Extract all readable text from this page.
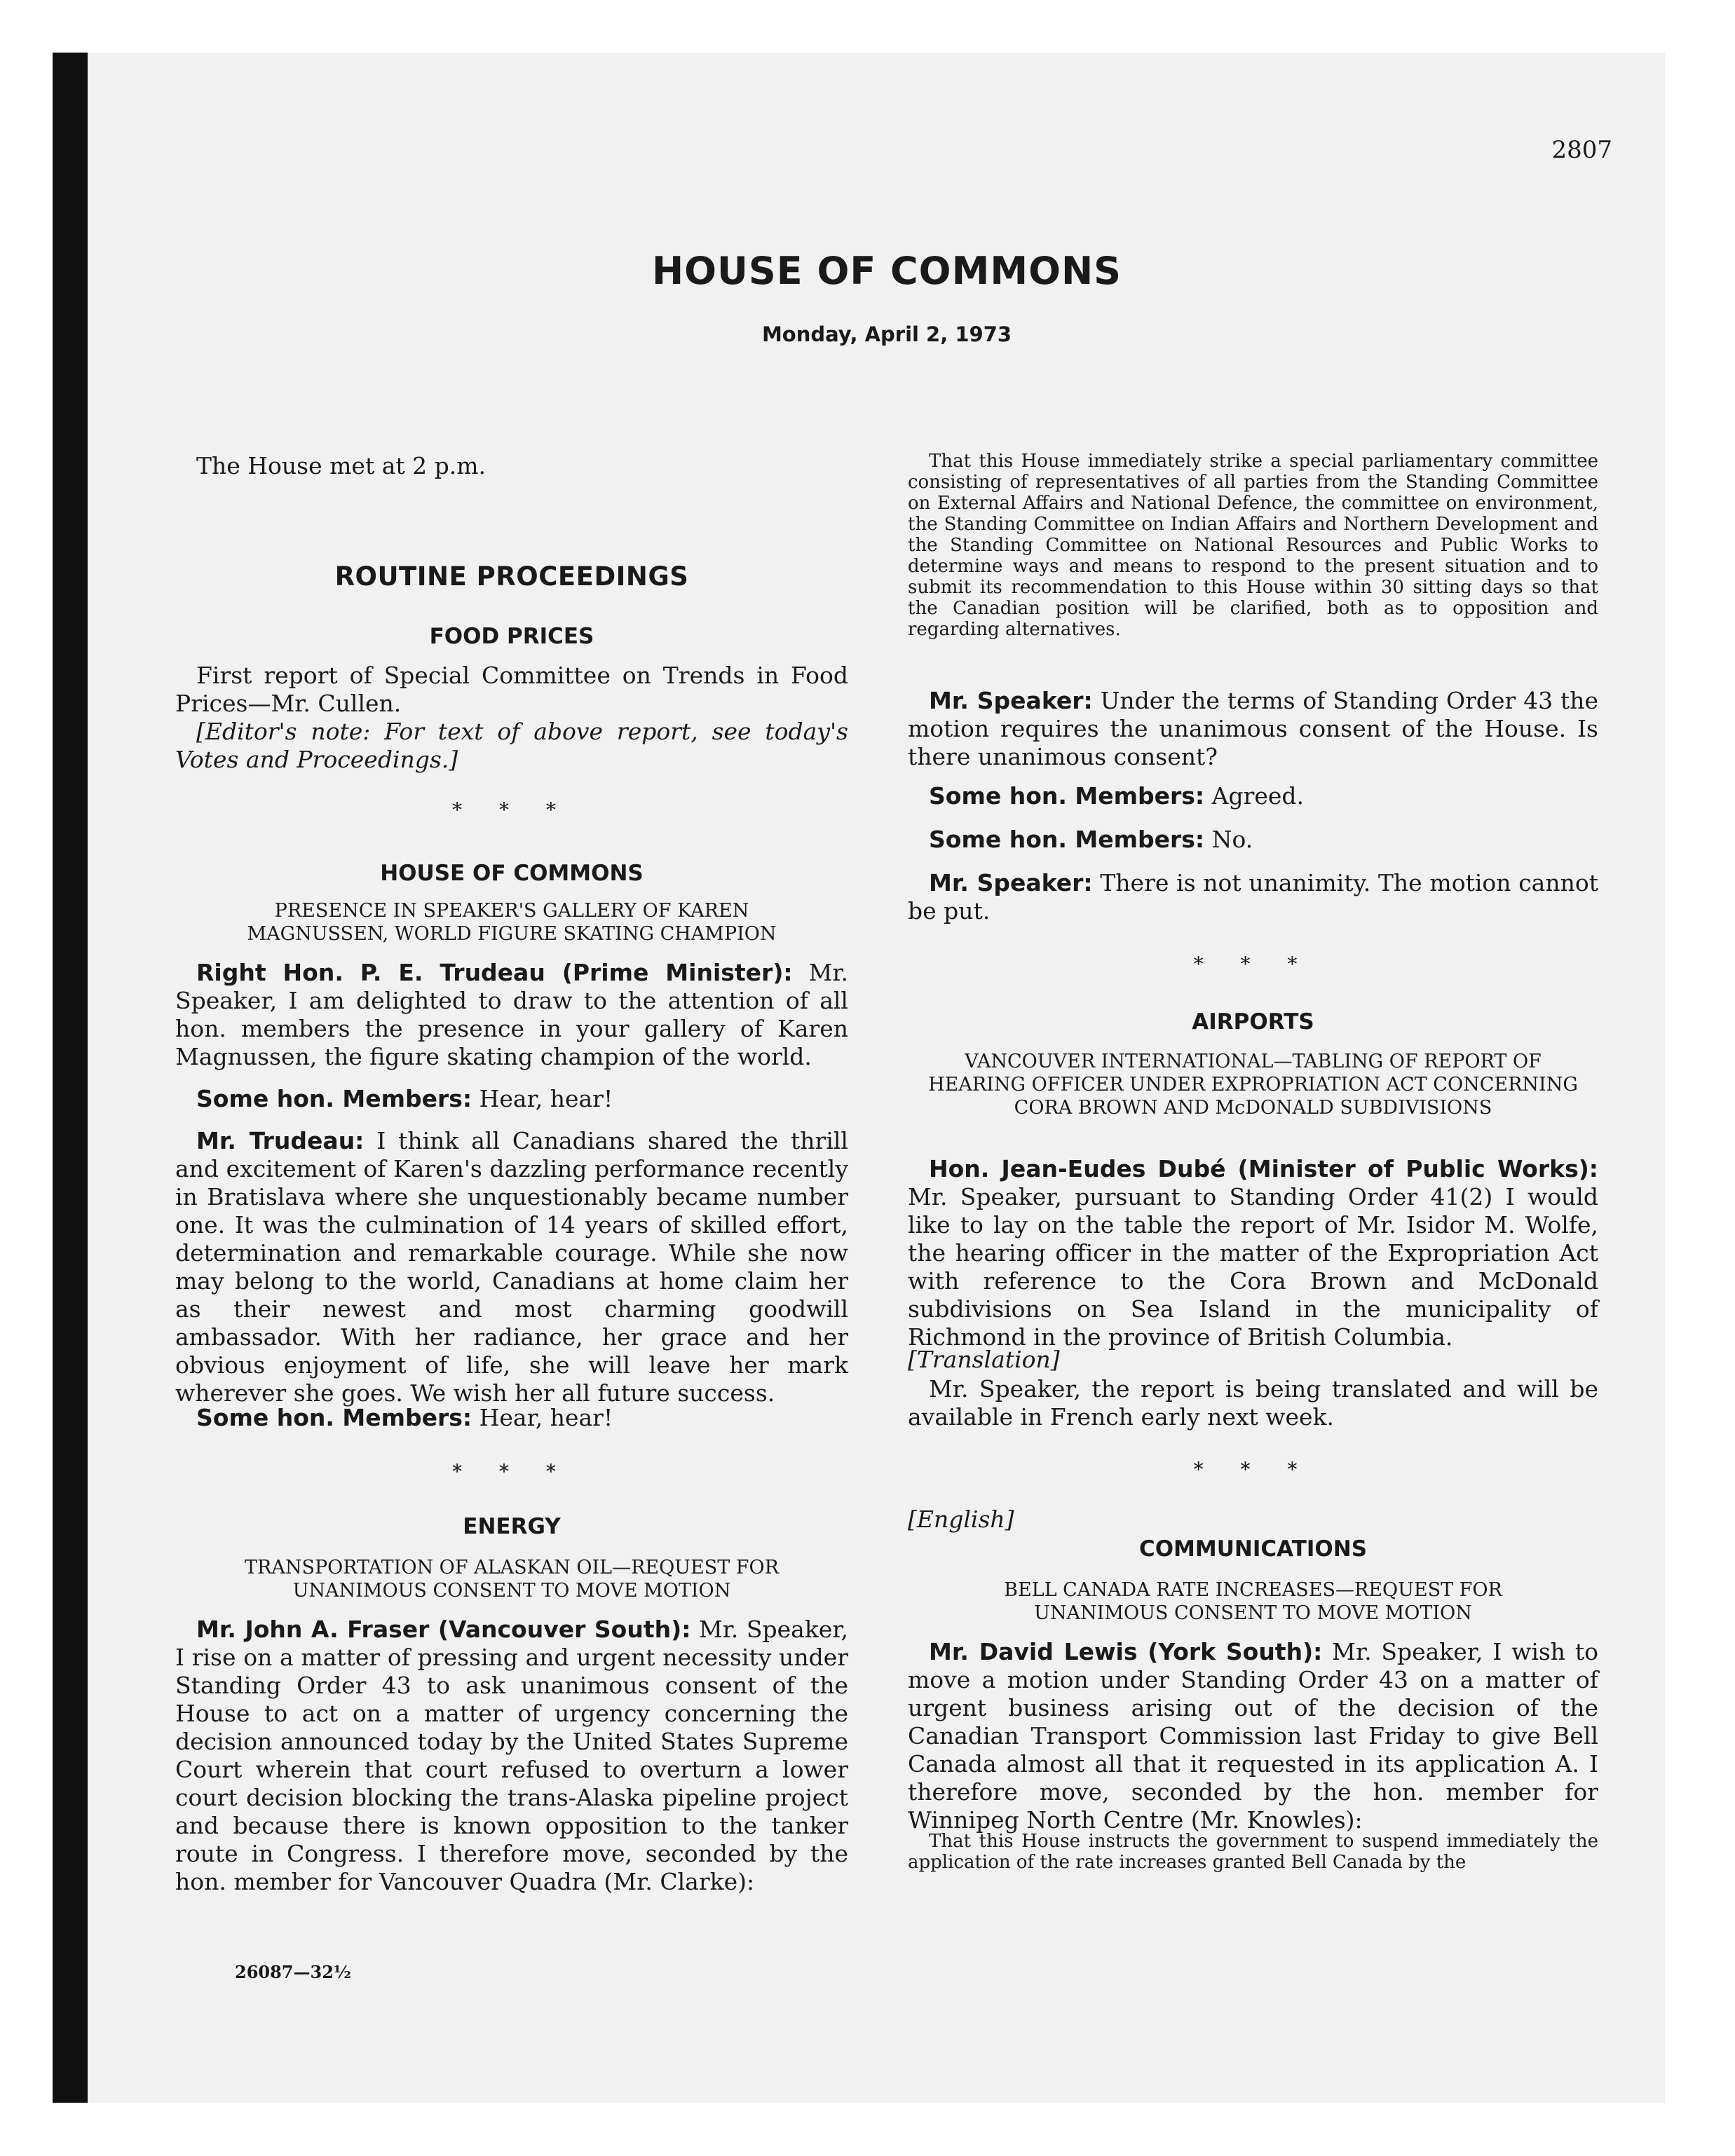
2807
HOUSE OF COMMONS
Monday, April 2, 1973

The House met at 2 p.m.

ROUTINE PROCEEDINGS

FOOD PRICES

First report of Special Committee on Trends in Food Prices—Mr. Cullen.

[Editor's note: For text of above report, see today's Votes and Proceedings.]

* * *

HOUSE OF COMMONS

PRESENCE IN SPEAKER'S GALLERY OF KAREN MAGNUSSEN, WORLD FIGURE SKATING CHAMPION

Right Hon. P. E. Trudeau (Prime Minister): Mr. Speaker, I am delighted to draw to the attention of all hon. members the presence in your gallery of Karen Magnussen, the figure skating champion of the world.

Some hon. Members: Hear, hear!

Mr. Trudeau: I think all Canadians shared the thrill and excitement of Karen's dazzling performance recently in Bratislava where she unquestionably became number one. It was the culmination of 14 years of skilled effort, determination and remarkable courage. While she now may belong to the world, Canadians at home claim her as their newest and most charming goodwill ambassador. With her radiance, her grace and her obvious enjoyment of life, she will leave her mark wherever she goes. We wish her all future success.

Some hon. Members: Hear, hear!

* * *

ENERGY

TRANSPORTATION OF ALASKAN OIL—REQUEST FOR UNANIMOUS CONSENT TO MOVE MOTION

Mr. John A. Fraser (Vancouver South): Mr. Speaker, I rise on a matter of pressing and urgent necessity under Standing Order 43 to ask unanimous consent of the House to act on a matter of urgency concerning the decision announced today by the United States Supreme Court wherein that court refused to overturn a lower court decision blocking the trans-Alaska pipeline project and because there is known opposition to the tanker route in Congress. I therefore move, seconded by the hon. member for Vancouver Quadra (Mr. Clarke):

That this House immediately strike a special parliamentary committee consisting of representatives of all parties from the Standing Committee on External Affairs and National Defence, the committee on environment, the Standing Committee on Indian Affairs and Northern Development and the Standing Committee on National Resources and Public Works to determine ways and means to respond to the present situation and to submit its recommendation to this House within 30 sitting days so that the Canadian position will be clarified, both as to opposition and regarding alternatives.

Mr. Speaker: Under the terms of Standing Order 43 the motion requires the unanimous consent of the House. Is there unanimous consent?

Some hon. Members: Agreed.

Some hon. Members: No.

Mr. Speaker: There is not unanimity. The motion cannot be put.

* * *

AIRPORTS

VANCOUVER INTERNATIONAL—TABLING OF REPORT OF HEARING OFFICER UNDER EXPROPRIATION ACT CONCERNING CORA BROWN AND McDONALD SUBDIVISIONS

Hon. Jean-Eudes Dubé (Minister of Public Works): Mr. Speaker, pursuant to Standing Order 41(2) I would like to lay on the table the report of Mr. Isidor M. Wolfe, the hearing officer in the matter of the Expropriation Act with reference to the Cora Brown and McDonald subdivisions on Sea Island in the municipality of Richmond in the province of British Columbia.

[Translation]

Mr. Speaker, the report is being translated and will be available in French early next week.

* * *

[English]

COMMUNICATIONS

BELL CANADA RATE INCREASES—REQUEST FOR UNANIMOUS CONSENT TO MOVE MOTION

Mr. David Lewis (York South): Mr. Speaker, I wish to move a motion under Standing Order 43 on a matter of urgent business arising out of the decision of the Canadian Transport Commission last Friday to give Bell Canada almost all that it requested in its application A. I therefore move, seconded by the hon. member for Winnipeg North Centre (Mr. Knowles):

That this House instructs the government to suspend immediately the application of the rate increases granted Bell Canada by the

26087—32½
